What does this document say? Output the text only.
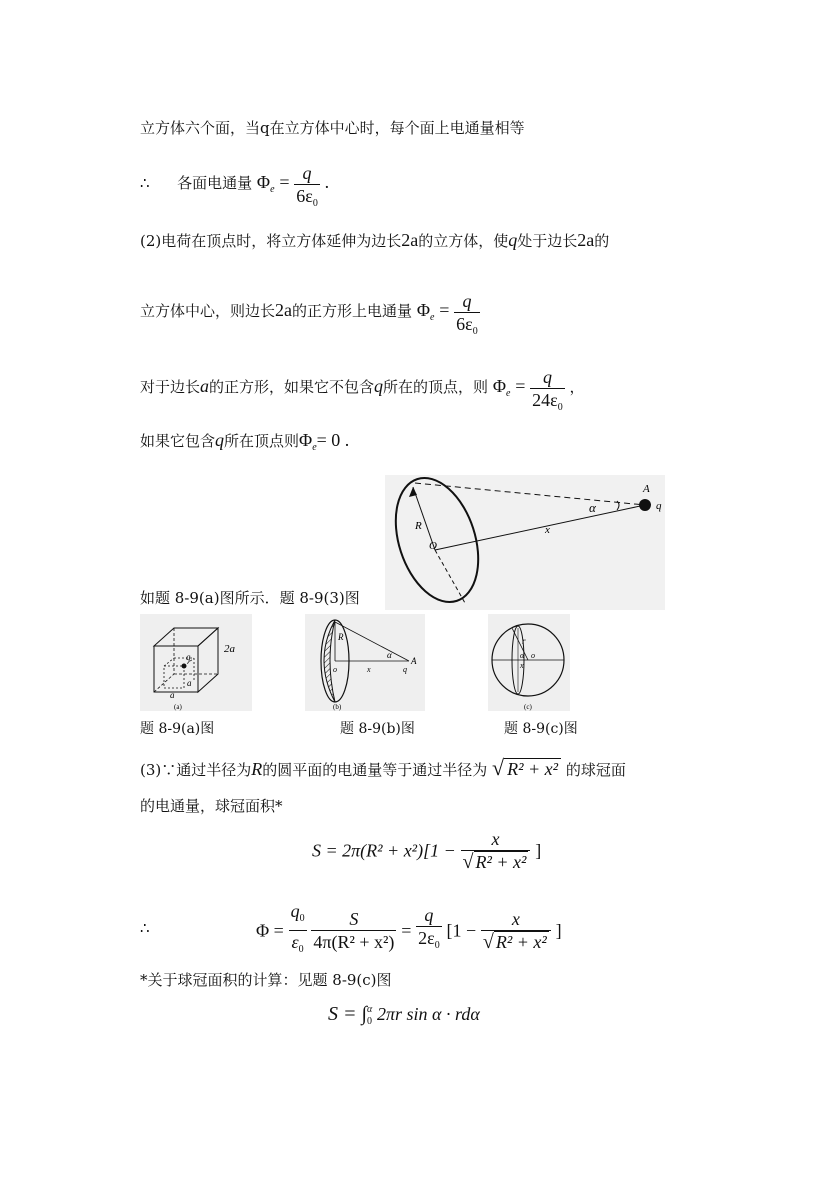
立方体六个面，当q在立方体中心时，每个面上电通量相等
∴ 各面电通量 $\Phi_e = \frac{q}{6\varepsilon_0}$ .
(2)电荷在顶点时，将立方体延伸为边长2a的立方体，使q处于边长2a的
立方体中心，则边长2a的正方形上电通量 $\Phi_e = \frac{q}{6\varepsilon_0}$
对于边长a的正方形，如果它不包含q所在的顶点，则 $\Phi_e = \frac{q}{24\varepsilon_0}$ ，
如果它包含q所在顶点则$\Phi_e= 0$ .
A
q
α
R	x
O
如题 8-9(a)图所示．题 8-9(3)图
2a
q
a
a
(a)
R
o	x
α
q
A
(b)
r
α o
x
(c)
题 8-9(a)图	题 8-9(b)图	题 8-9(c)图
(3)∵通过半径为R的圆平面的电通量等于通过半径为 √ R² + x² 的球冠面
的电通量，球冠面积*
$S = 2\pi(R^2 + x^2)[1 - \frac{x}{\text{√ R² + x²}}$ ]
∴	$\Phi = \frac{q_0}{\varepsilon_0}$
$\frac{S}{\text{4π(R² + x²)}} = \frac{q}{2\varepsilon_0} [1 - \frac{x}{\text{√ R² + x²}}$ ]
*关于球冠面积的计算：见题 8-9(c)图
S = ∫ α
0 2πr sin α · rdα
